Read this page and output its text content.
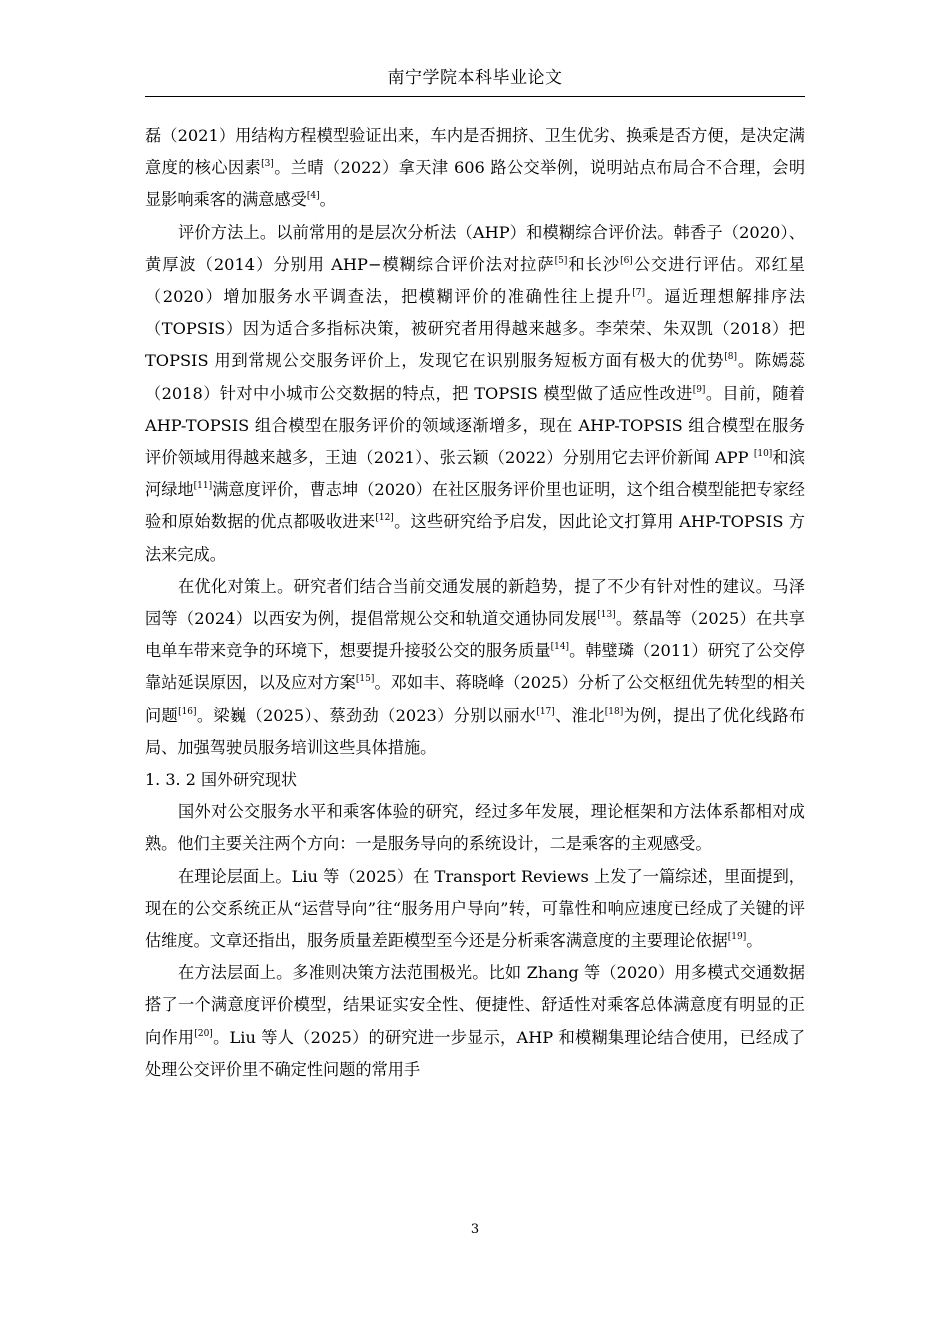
南宁学院本科毕业论文

磊（2021）用结构方程模型验证出来，车内是否拥挤、卫生优劣、换乘是否方便，是决定满意度的核心因素[3]。兰晴（2022）拿天津 606 路公交举例，说明站点布局合不合理，会明显影响乘客的满意感受[4]。

评价方法上。以前常用的是层次分析法（AHP）和模糊综合评价法。韩香子（2020）、黄厚波（2014）分别用 AHP−模糊综合评价法对拉萨[5]和长沙[6]公交进行评估。邓红星（2020）增加服务水平调查法，把模糊评价的准确性往上提升[7]。逼近理想解排序法（TOPSIS）因为适合多指标决策，被研究者用得越来越多。李荣荣、朱双凯（2018）把 TOPSIS 用到常规公交服务评价上，发现它在识别服务短板方面有极大的优势[8]。陈嫣蕊（2018）针对中小城市公交数据的特点，把 TOPSIS 模型做了适应性改进[9]。目前，随着 AHP-TOPSIS 组合模型在服务评价的领域逐渐增多，现在 AHP-TOPSIS 组合模型在服务评价领域用得越来越多，王迪（2021）、张云颖（2022）分别用它去评价新闻 APP [10]和滨河绿地[11]满意度评价，曹志坤（2020）在社区服务评价里也证明，这个组合模型能把专家经验和原始数据的优点都吸收进来[12]。这些研究给予启发，因此论文打算用 AHP-TOPSIS 方法来完成。

在优化对策上。研究者们结合当前交通发展的新趋势，提了不少有针对性的建议。马泽园等（2024）以西安为例，提倡常规公交和轨道交通协同发展[13]。蔡晶等（2025）在共享电单车带来竞争的环境下，想要提升接驳公交的服务质量[14]。韩璧璘（2011）研究了公交停靠站延误原因，以及应对方案[15]。邓如丰、蒋晓峰（2025）分析了公交枢纽优先转型的相关问题[16]。梁巍（2025）、蔡劲劲（2023）分别以丽水[17]、淮北[18]为例，提出了优化线路布局、加强驾驶员服务培训这些具体措施。

1. 3. 2 国外研究现状

国外对公交服务水平和乘客体验的研究，经过多年发展，理论框架和方法体系都相对成熟。他们主要关注两个方向：一是服务导向的系统设计，二是乘客的主观感受。

在理论层面上。Liu 等（2025）在 Transport Reviews 上发了一篇综述，里面提到，现在的公交系统正从“运营导向”往“服务用户导向”转，可靠性和响应速度已经成了关键的评估维度。文章还指出，服务质量差距模型至今还是分析乘客满意度的主要理论依据[19]。

在方法层面上。多准则决策方法范围极光。比如 Zhang 等（2020）用多模式交通数据搭了一个满意度评价模型，结果证实安全性、便捷性、舒适性对乘客总体满意度有明显的正向作用[20]。Liu 等人（2025）的研究进一步显示，AHP 和模糊集理论结合使用，已经成了处理公交评价里不确定性问题的常用手

3
